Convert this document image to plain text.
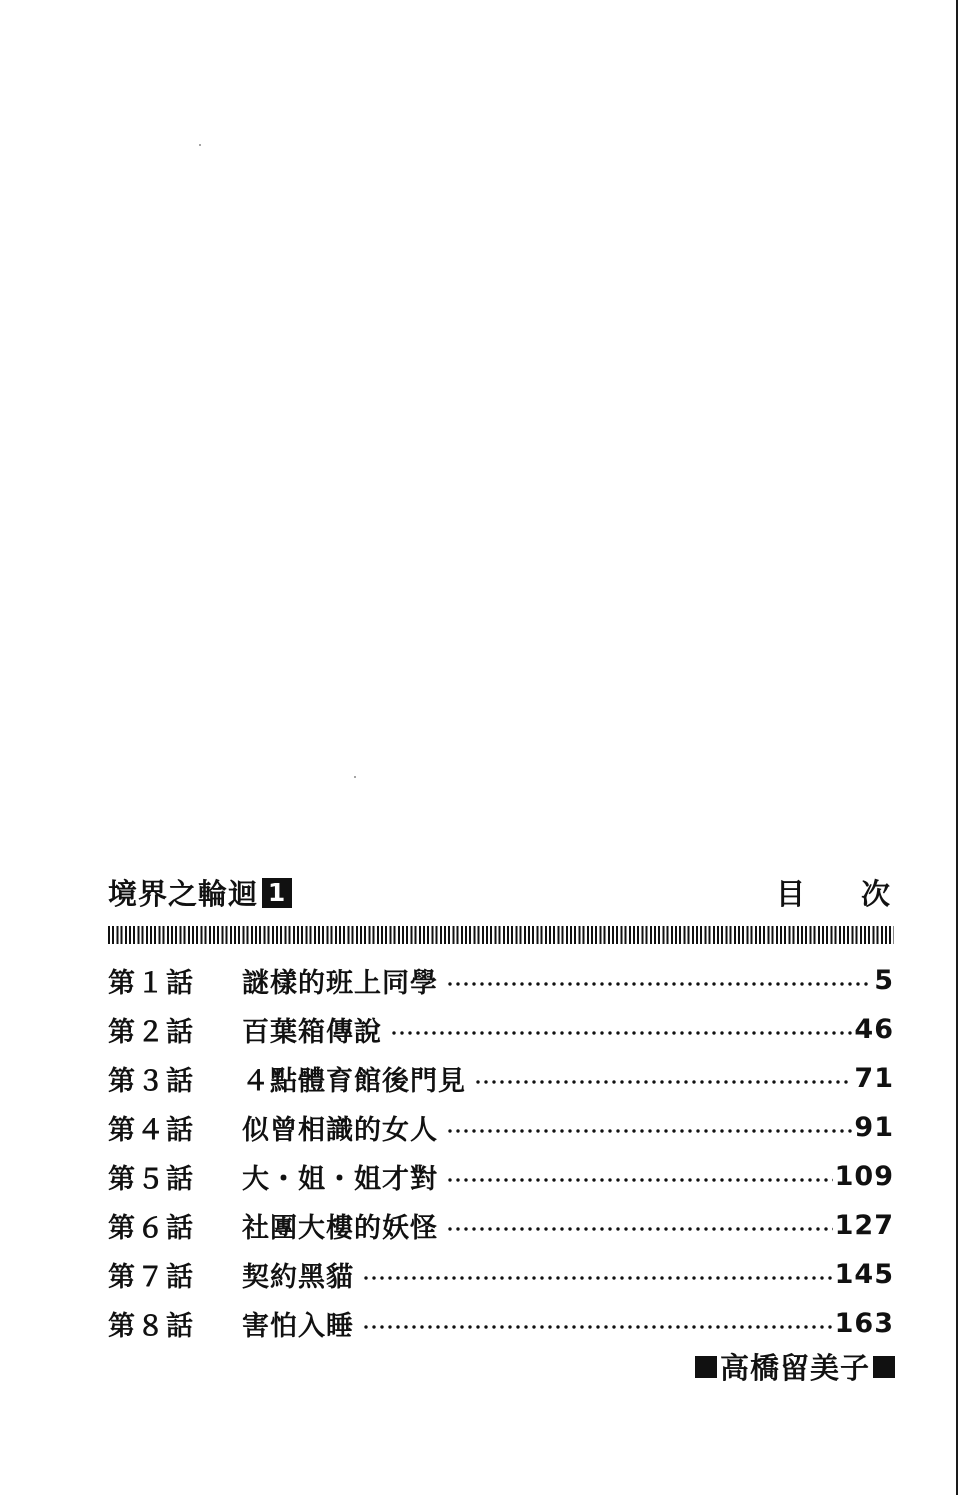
境界之輪迴 1	目次
第１話	謎樣的班上同學	5
第２話	百葉箱傳說	46
第３話	４點體育館後門見	71
第４話	似曾相識的女人	91
第５話	大・姐・姐才對	109
第６話	社團大樓的妖怪	127
第７話	契約黑貓	145
第８話	害怕入睡	163
高橋留美子
